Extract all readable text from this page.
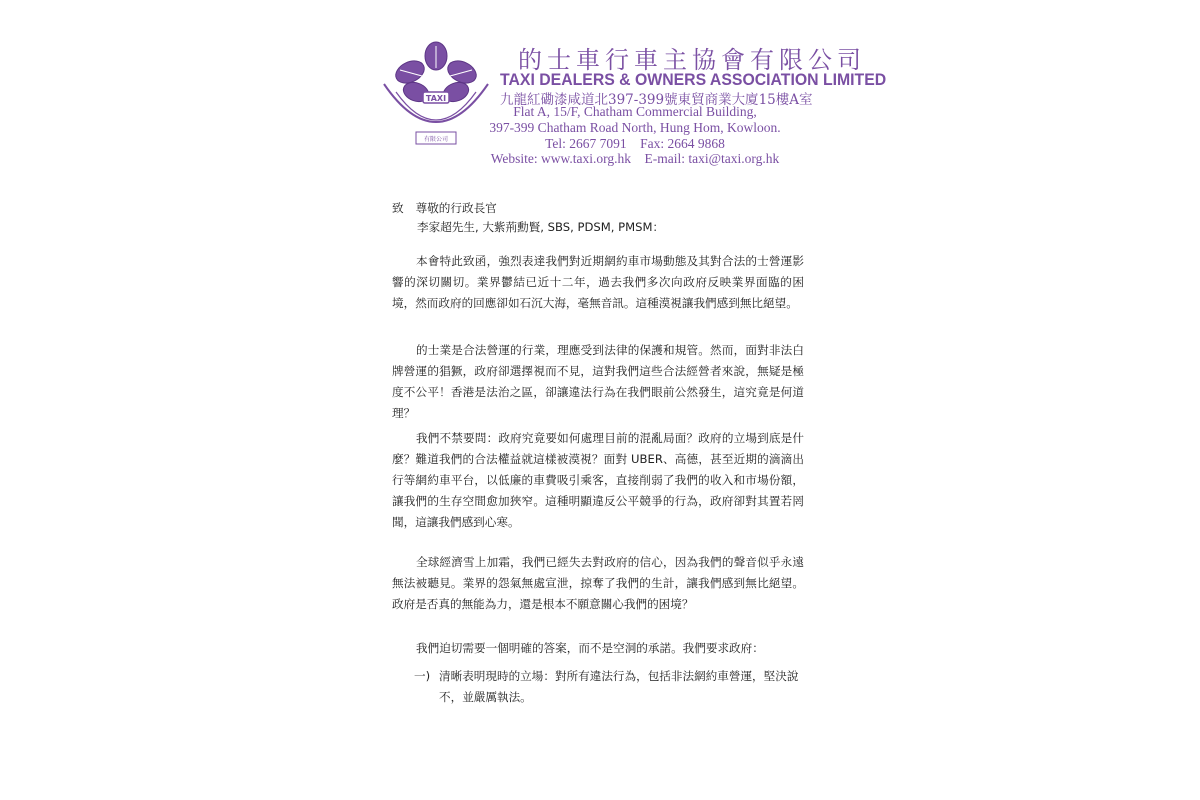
TAXI
有限公司
的士車行車主協會有限公司
TAXI DEALERS & OWNERS ASSOCIATION LIMITED
九龍紅磡漆咸道北397-399號東貿商業大廈15樓A室
Flat A, 15/F, Chatham Commercial Building,
397-399 Chatham Road North, Hung Hom, Kowloon.
Tel: 2667 7091    Fax: 2664 9868
Website: www.taxi.org.hk    E-mail: taxi@taxi.org.hk
致 尊敬的行政長官
李家超先生, 大紫荊勳賢, SBS, PDSM, PMSM：

本會特此致函，強烈表達我們對近期網約車市場動態及其對合法的士營運影響的深切關切。業界鬱結已近十二年，過去我們多次向政府反映業界面臨的困境，然而政府的回應卻如石沉大海，毫無音訊。這種漠視讓我們感到無比絕望。

的士業是合法營運的行業，理應受到法律的保護和規管。然而，面對非法白牌營運的猖獗，政府卻選擇視而不見，這對我們這些合法經營者來說，無疑是極度不公平！香港是法治之區，卻讓違法行為在我們眼前公然發生，這究竟是何道理？

我們不禁要問：政府究竟要如何處理目前的混亂局面？政府的立場到底是什麼？難道我們的合法權益就這樣被漠視？面對 UBER、高德，甚至近期的滴滴出行等網約車平台，以低廉的車費吸引乘客，直接削弱了我們的收入和市場份額，讓我們的生存空間愈加狹窄。這種明顯違反公平競爭的行為，政府卻對其置若罔聞，這讓我們感到心寒。

全球經濟雪上加霜，我們已經失去對政府的信心，因為我們的聲音似乎永遠無法被聽見。業界的怨氣無處宣泄，掠奪了我們的生計，讓我們感到無比絕望。政府是否真的無能為力，還是根本不願意關心我們的困境？

我們迫切需要一個明確的答案，而不是空洞的承諾。我們要求政府：

一) 清晰表明現時的立場：對所有違法行為，包括非法網約車營運，堅決說不，並嚴厲執法。
